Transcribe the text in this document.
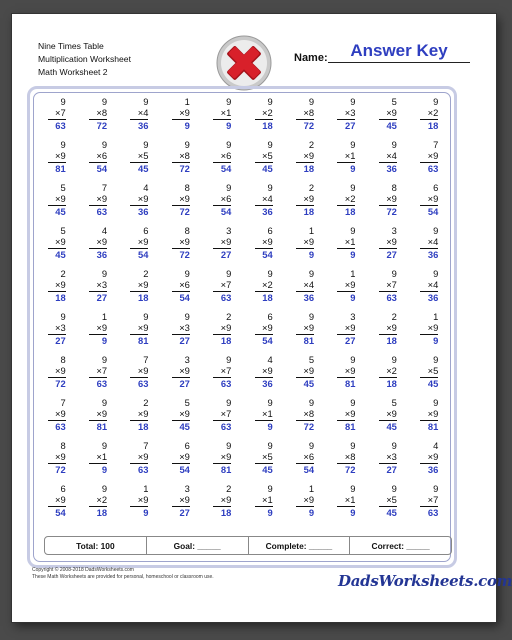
Nine Times Table
Multiplication Worksheet
Math Worksheet 2
Name:	Answer Key
9
×7
63
9
×8
72
9
×4
36
1
×9
9
9
×1
9
9
×2
18
9
×8
72
9
×3
27
5
×9
45
9
×2
18
9
×9
81
9
×6
54
9
×5
45
9
×8
72
9
×6
54
9
×5
45
2
×9
18
9
×1
9
9
×4
36
7
×9
63
5
×9
45
7
×9
63
4
×9
36
8
×9
72
9
×6
54
9
×4
36
2
×9
18
9
×2
18
8
×9
72
6
×9
54
5
×9
45
4
×9
36
6
×9
54
8
×9
72
3
×9
27
6
×9
54
1
×9
9
9
×1
9
3
×9
27
9
×4
36
2
×9
18
9
×3
27
2
×9
18
9
×6
54
9
×7
63
9
×2
18
9
×4
36
1
×9
9
9
×7
63
9
×4
36
9
×3
27
1
×9
9
9
×9
81
9
×3
27
2
×9
18
6
×9
54
9
×9
81
3
×9
27
2
×9
18
1
×9
9
8
×9
72
9
×7
63
7
×9
63
3
×9
27
9
×7
63
4
×9
36
5
×9
45
9
×9
81
9
×2
18
9
×5
45
7
×9
63
9
×9
81
2
×9
18
5
×9
45
9
×7
63
9
×1
9
9
×8
72
9
×9
81
5
×9
45
9
×9
81
8
×9
72
9
×1
9
7
×9
63
6
×9
54
9
×9
81
9
×5
45
9
×6
54
9
×8
72
9
×3
27
4
×9
36
6
×9
54
9
×2
18
1
×9
9
3
×9
27
2
×9
18
9
×1
9
1
×9
9
9
×1
9
9
×5
45
9
×7
63
Total: 100	Goal: _____	Complete: _____	Correct: _____
Copyright © 2008-2018 DadsWorksheets.com
These Math Worksheets are provided for personal, homeschool or classroom use.	DadsWorksheets.com
